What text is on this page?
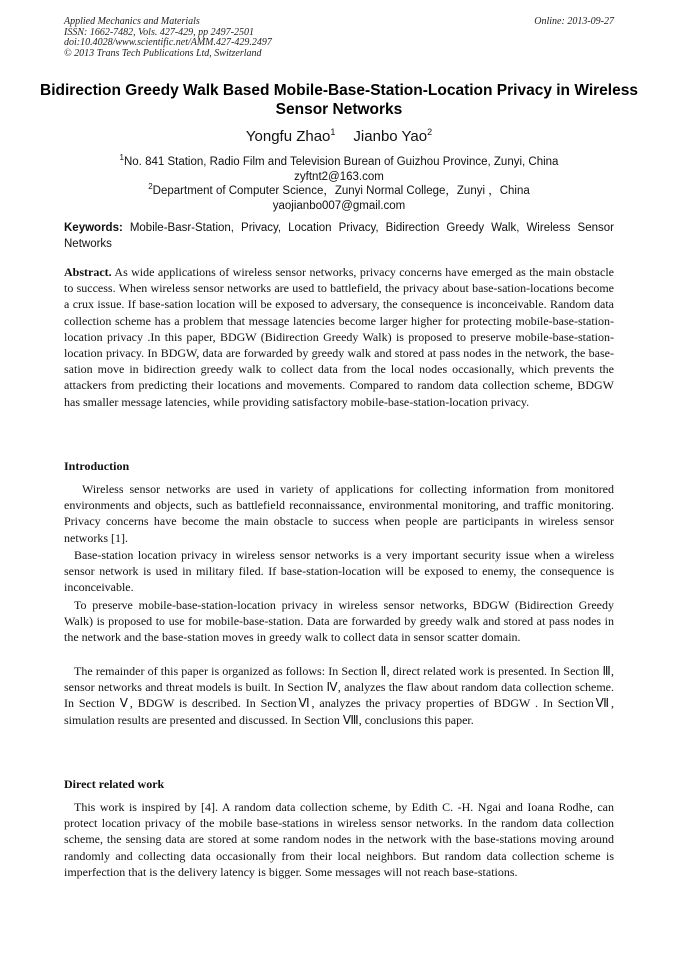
Applied Mechanics and Materials
ISSN: 1662-7482, Vols. 427-429, pp 2497-2501
doi:10.4028/www.scientific.net/AMM.427-429.2497
© 2013 Trans Tech Publications Ltd, Switzerland
Online: 2013-09-27
Bidirection Greedy Walk Based Mobile-Base-Station-Location Privacy in Wireless Sensor Networks
Yongfu Zhao$^1$ Jianbo Yao$^2$
$^1$No. 841 Station, Radio Film and Television Burean of Guizhou Province, Zunyi, China
zyftnt2@163.com
$^2$Department of Computer Science，Zunyi Normal College，Zunyi ，China
yaojianbo007@gmail.com
Keywords: Mobile-Basr-Station, Privacy, Location Privacy, Bidirection Greedy Walk, Wireless Sensor Networks
Abstract. As wide applications of wireless sensor networks, privacy concerns have emerged as the main obstacle to success. When wireless sensor networks are used to battlefield, the privacy about base-sation-locations become a crux issue. If base-sation location will be exposed to adversary, the consequence is inconceivable. Random data collection scheme has a problem that message latencies become larger higher for protecting mobile-base-station-location privacy .In this paper, BDGW (Bidirection Greedy Walk) is proposed to preserve mobile-base-station-location privacy. In BDGW, data are forwarded by greedy walk and stored at pass nodes in the network, the base-sation move in bidirection greedy walk to collect data from the local nodes occasionally, which prevents the attackers from predicting their locations and movements. Compared to random data collection scheme, BDGW has smaller message latencies, while providing satisfactory mobile-base-station-location privacy.
Introduction
Wireless sensor networks are used in variety of applications for collecting information from monitored environments and objects, such as battlefield reconnaissance, environmental monitoring, and traffic monitoring. Privacy concerns have become the main obstacle to success when people are participants in wireless sensor networks [1].
Base-station location privacy in wireless sensor networks is a very important security issue when a wireless sensor network is used in military filed. If base-station-location will be exposed to enemy, the consequence is inconceivable.
To preserve mobile-base-station-location privacy in wireless sensor networks, BDGW (Bidirection Greedy Walk) is proposed to use for mobile-base-station. Data are forwarded by greedy walk and stored at pass nodes in the network and the base-station moves in greedy walk to collect data in sensor scatter domain.
The remainder of this paper is organized as follows: In Section Ⅱ, direct related work is presented. In Section Ⅲ, sensor networks and threat models is built. In Section Ⅳ, analyzes the flaw about random data collection scheme. In Section Ⅴ, BDGW is described. In SectionⅥ, analyzes the privacy properties of BDGW . In SectionⅦ, simulation results are presented and discussed. In Section Ⅷ, conclusions this paper.
Direct related work
This work is inspired by [4]. A random data collection scheme, by Edith C. -H. Ngai and Ioana Rodhe, can protect location privacy of the mobile base-stations in wireless sensor networks. In the random data collection scheme, the sensing data are stored at some random nodes in the network with the base-stations moving around randomly and collecting data occasionally from their local neighbors. But random data collection scheme is imperfection that is the delivery latency is bigger. Some messages will not reach base-stations.
